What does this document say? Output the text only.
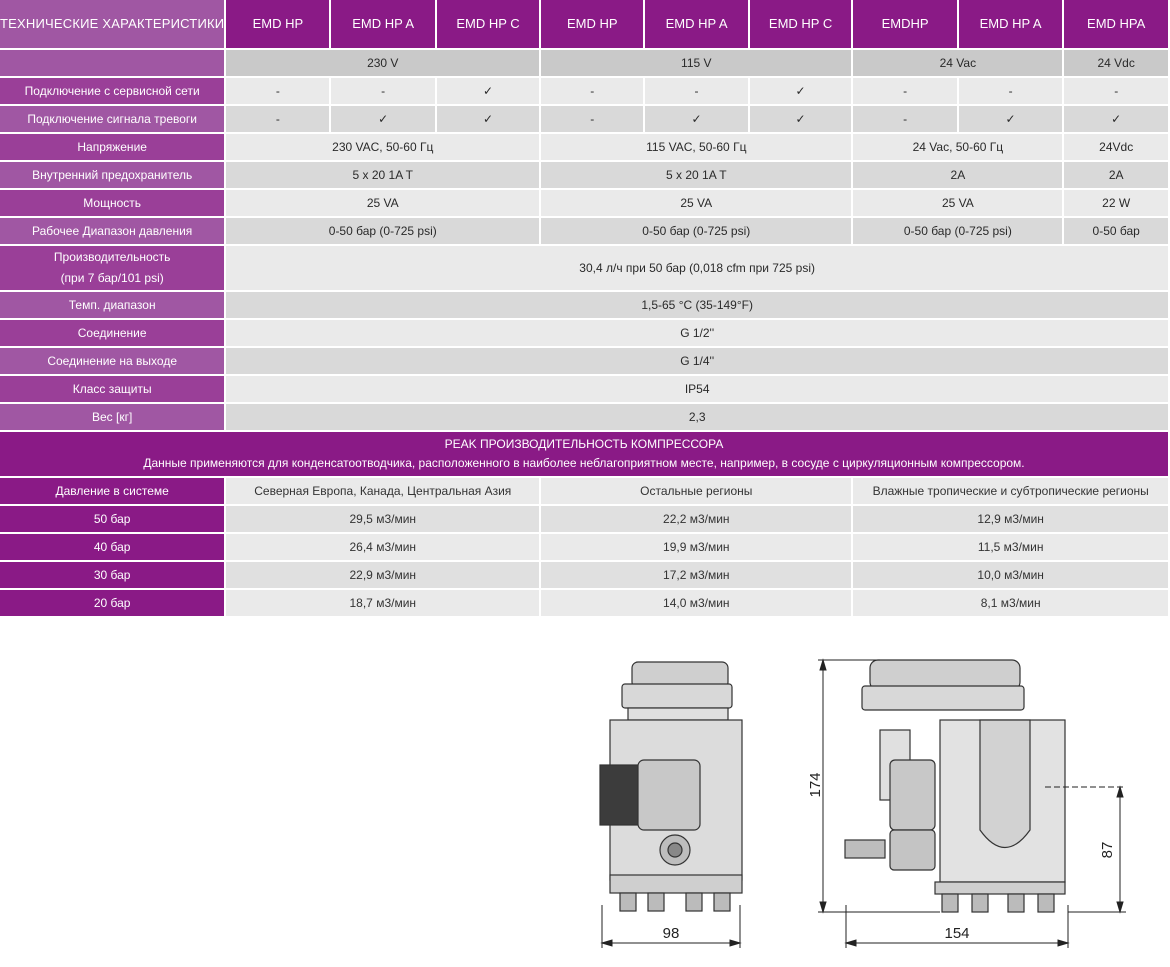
ТЕХНИЧЕСКИЕ ХАРАКТЕРИСТИКИ	EMD HP	EMD HP A	EMD HP C	EMD HP	EMD HP A	EMD HP C	EMDHP	EMD HP A	EMD HPA
	230 V			115 V			24 Vac		24 Vdc
Подключение с сервисной сети	-	-	✓	-	-	✓	-	-	-
Подключение сигнала тревоги	-	✓	✓	-	✓	✓	-	✓	✓
Напряжение	230 VAC, 50-60 Гц			115 VAC, 50-60 Гц			24 Vac, 50-60 Гц		24Vdc
Внутренний предохранитель	5 x 20 1A T			5 x 20 1A T			2A		2A
Мощность	25 VA			25 VA			25 VA		22 W
Рабочее Диапазон давления	0-50 бар (0-725 psi)			0-50 бар (0-725 psi)			0-50 бар (0-725 psi)		0-50 бар
Производительность
(при 7 бар/101 psi)	30,4 л/ч при 50 бар (0,018 cfm при 725 psi)								
Темп. диапазон	1,5-65 °C (35-149°F)								
Соединение	G 1/2''								
Соединение на выходе	G 1/4''								
Класс защиты	IP54								
Вес [кг]	2,3								
PEAK ПРОИЗВОДИТЕЛЬНОСТЬ КОМПРЕССОРА
Данные применяются для конденсатоотводчика, расположенного в наиболее неблагоприятном месте, например, в сосуде с циркуляционным компрессором.									
Давление в системе	Северная Европа, Канада, Центральная Азия			Остальные регионы			Влажные тропические и субтропические регионы		
50 бар	29,5 м3/мин			22,2 м3/мин			12,9 м3/мин		
40 бар	26,4 м3/мин			19,9 м3/мин			11,5 м3/мин		
30 бар	22,9 м3/мин			17,2 м3/мин			10,0 м3/мин		
20 бар	18,7 м3/мин			14,0 м3/мин			8,1 м3/мин		
98	154
174
87
